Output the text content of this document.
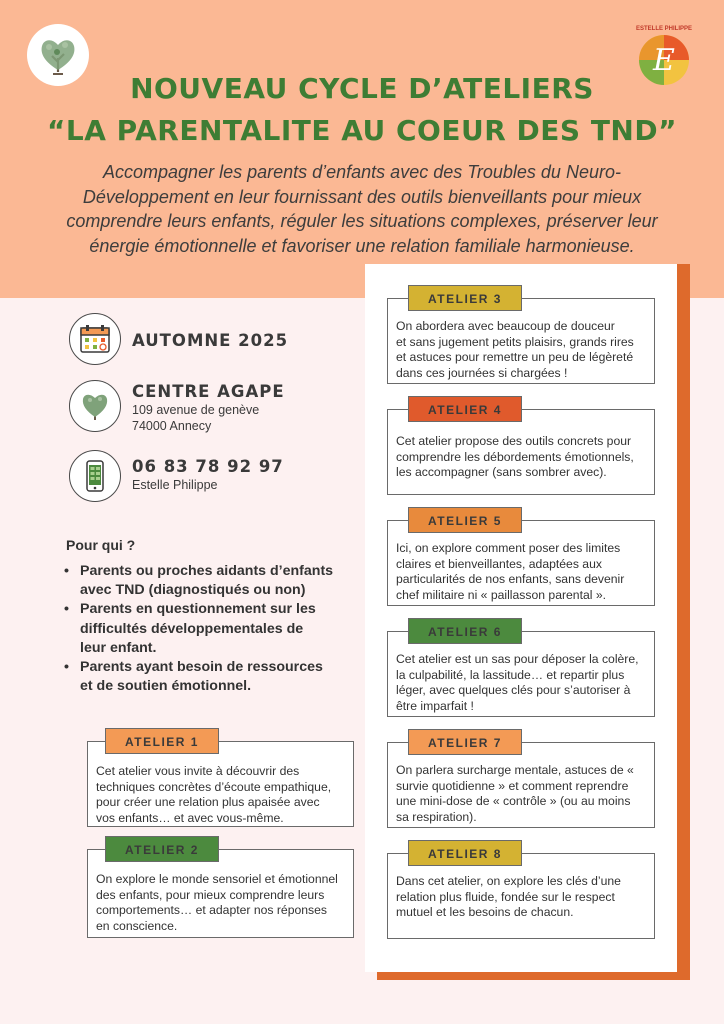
E
ESTELLE PHILIPPE
NOUVEAU CYCLE D’ATELIERS
“LA PARENTALITE AU COEUR DES TND”
Accompagner les parents d’enfants avec des Troubles du Neuro-
Développement en leur fournissant des outils bienveillants pour mieux
comprendre leurs enfants, réguler les situations complexes, préserver leur
énergie émotionnelle et favoriser une relation familiale harmonieuse.
AUTOMNE 2025
CENTRE AGAPE
109 avenue de genève
74000 Annecy
06 83 78 92 97
Estelle Philippe
Pour qui ?
• Parents ou proches aidants d’enfants
avec TND (diagnostiqués ou non)
• Parents en questionnement sur les
difficultés développementales de
leur enfant.
• Parents ayant besoin de ressources
et de soutien émotionnel.

Cet atelier vous invite à découvrir des
techniques concrètes d’écoute empathique,
pour créer une relation plus apaisée avec
vos enfants… et avec vous-même.

ATELIER 1

On explore le monde sensoriel et émotionnel
des enfants, pour mieux comprendre leurs
comportements… et adapter nos réponses
en conscience.

ATELIER 2

On abordera avec beaucoup de douceur
et sans jugement petits plaisirs, grands rires
et astuces pour remettre un peu de légèreté
dans ces journées si chargées !

ATELIER 3

Cet atelier propose des outils concrets pour
comprendre les débordements émotionnels,
les accompagner (sans sombrer avec).

ATELIER 4

Ici, on explore comment poser des limites
claires et bienveillantes, adaptées aux
particularités de nos enfants, sans devenir
chef militaire ni « paillasson parental ».

ATELIER 5

Cet atelier est un sas pour déposer la colère,
la culpabilité, la lassitude… et repartir plus
léger, avec quelques clés pour s’autoriser à
être imparfait !

ATELIER 6

On parlera surcharge mentale, astuces de «
survie quotidienne » et comment reprendre
une mini-dose de « contrôle » (ou au moins
sa respiration).

ATELIER 7

Dans cet atelier, on explore les clés d’une
relation plus fluide, fondée sur le respect
mutuel et les besoins de chacun.

ATELIER 8
